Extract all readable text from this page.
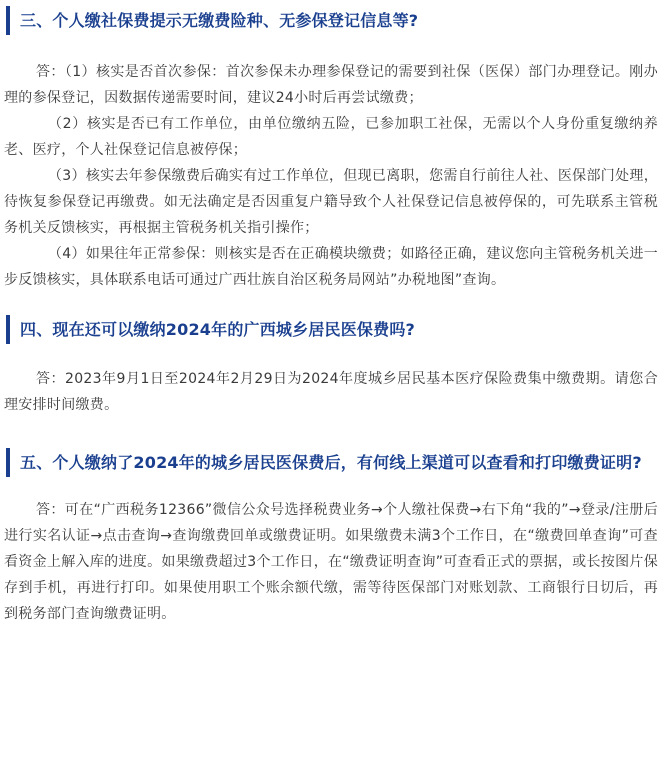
三、个人缴社保费提示无缴费险种、无参保登记信息等?

答：（1）核实是否首次参保：首次参保未办理参保登记的需要到社保（医保）部门办理登记。刚办理的参保登记，因数据传递需要时间，建议24小时后再尝试缴费；

（2）核实是否已有工作单位，由单位缴纳五险，已参加职工社保，无需以个人身份重复缴纳养老、医疗，个人社保登记信息被停保；

（3）核实去年参保缴费后确实有过工作单位，但现已离职，您需自行前往人社、医保部门处理，待恢复参保登记再缴费。如无法确定是否因重复户籍导致个人社保登记信息被停保的，可先联系主管税务机关反馈核实，再根据主管税务机关指引操作；

（4）如果往年正常参保：则核实是否在正确模块缴费；如路径正确，建议您向主管税务机关进一步反馈核实，具体联系电话可通过广西壮族自治区税务局网站”办税地图”查询。

四、现在还可以缴纳2024年的广西城乡居民医保费吗?

答：2023年9月1日至2024年2月29日为2024年度城乡居民基本医疗保险费集中缴费期。请您合理安排时间缴费。

五、个人缴纳了2024年的城乡居民医保费后，有何线上渠道可以查看和打印缴费证明?

答：可在“广西税务12366”微信公众号选择税费业务→个人缴社保费→右下角“我的”→登录/注册后进行实名认证→点击查询→查询缴费回单或缴费证明。如果缴费未满3个工作日，在“缴费回单查询”可查看资金上解入库的进度。如果缴费超过3个工作日，在“缴费证明查询”可查看正式的票据，或长按图片保存到手机，再进行打印。如果使用职工个账余额代缴，需等待医保部门对账划款、工商银行日切后，再到税务部门查询缴费证明。
